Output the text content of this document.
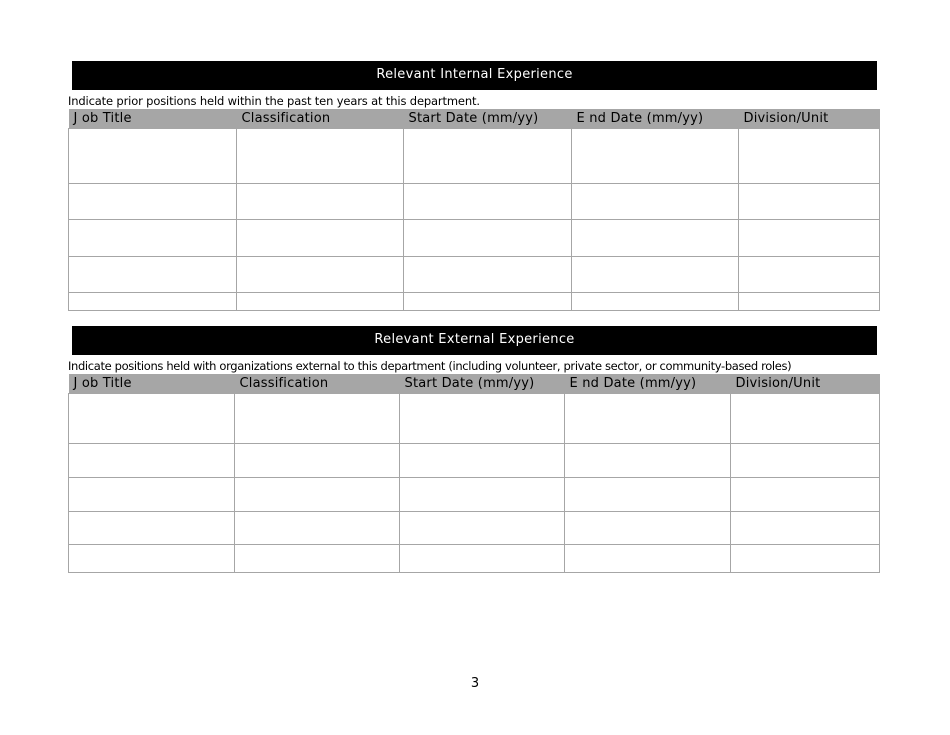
Relevant Internal Experience
Indicate prior positions held within the past ten years at this department.
J ob Title	Classification	Start Date (mm/yy)	E nd Date (mm/yy)	Division/Unit

Relevant External Experience
Indicate positions held with organizations external to this department (including volunteer, private sector, or community-based roles)
J ob Title	Classification	Start Date (mm/yy)	E nd Date (mm/yy)	Division/Unit

3
